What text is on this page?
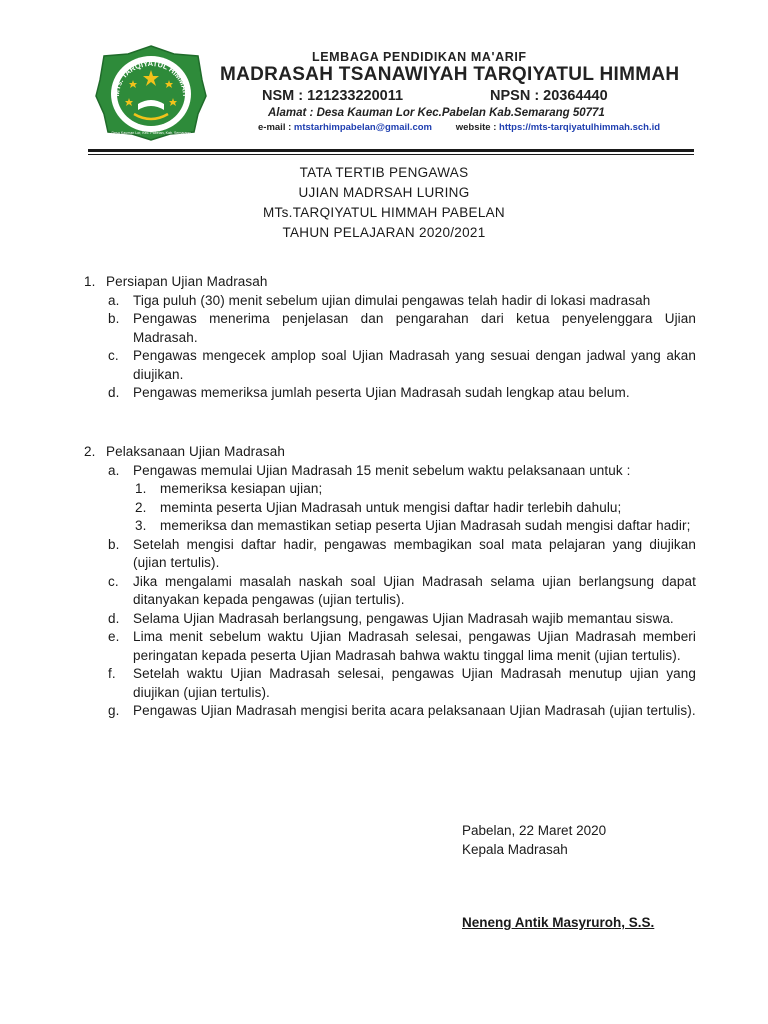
MTs. TARQIYATUL HIMMAH
Desa Kauman Lor, Kec. Pabelan, Kab. Semarang
LEMBAGA PENDIDIKAN MA'ARIF
MADRASAH TSANAWIYAH TARQIYATUL HIMMAH
NSM : 121233220011	NPSN : 20364440
Alamat : Desa Kauman Lor Kec.Pabelan Kab.Semarang 50771
e-mail : mtstarhimpabelan@gmail.com	website : https://mts-tarqiyatulhimmah.sch.id
TATA TERTIB PENGAWAS
UJIAN MADRSAH LURING
MTs.TARQIYATUL HIMMAH PABELAN
TAHUN PELAJARAN 2020/2021
1. Persiapan Ujian Madrasah
a. Tiga puluh (30) menit sebelum ujian dimulai pengawas telah hadir di lokasi madrasah
b. Pengawas menerima penjelasan dan pengarahan dari ketua penyelenggara Ujian Madrasah.
c. Pengawas mengecek amplop soal Ujian Madrasah yang sesuai dengan jadwal yang akan diujikan.
d. Pengawas memeriksa jumlah peserta Ujian Madrasah sudah lengkap atau belum.
2. Pelaksanaan Ujian Madrasah
a. Pengawas memulai Ujian Madrasah 15 menit sebelum waktu pelaksanaan untuk :
1. memeriksa kesiapan ujian;
2. meminta peserta Ujian Madrasah untuk mengisi daftar hadir terlebih dahulu;
3. memeriksa dan memastikan setiap peserta Ujian Madrasah sudah mengisi daftar hadir;
b. Setelah mengisi daftar hadir, pengawas membagikan soal mata pelajaran yang diujikan (ujian tertulis).
c. Jika mengalami masalah naskah soal Ujian Madrasah selama ujian berlangsung dapat ditanyakan kepada pengawas (ujian tertulis).
d. Selama Ujian Madrasah berlangsung, pengawas Ujian Madrasah wajib memantau siswa.
e. Lima menit sebelum waktu Ujian Madrasah selesai, pengawas Ujian Madrasah memberi peringatan kepada peserta Ujian Madrasah bahwa waktu tinggal lima menit (ujian tertulis).
f. Setelah waktu Ujian Madrasah selesai, pengawas Ujian Madrasah menutup ujian yang diujikan (ujian tertulis).
g. Pengawas Ujian Madrasah mengisi berita acara pelaksanaan Ujian Madrasah (ujian tertulis).
Pabelan, 22 Maret 2020
Kepala Madrasah
Neneng Antik Masyruroh, S.S.
